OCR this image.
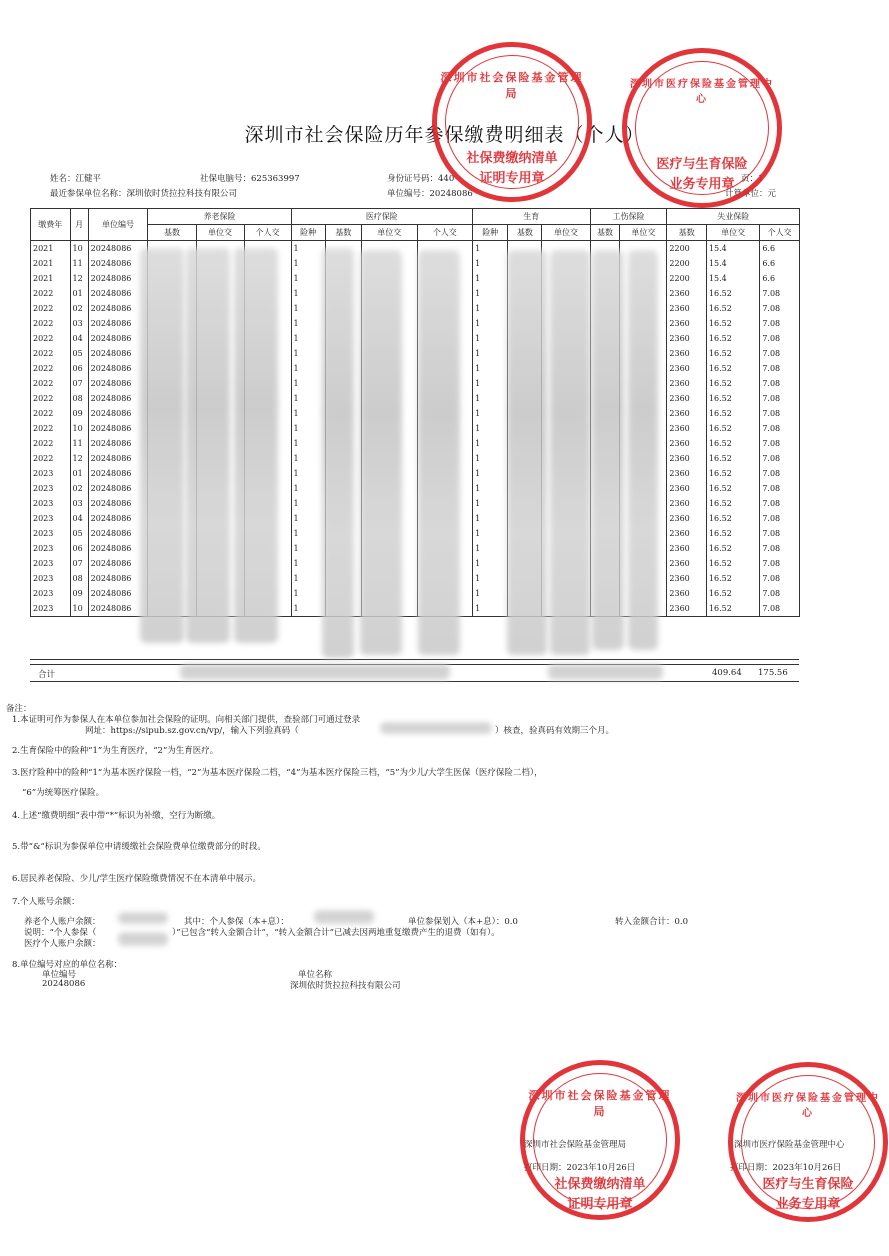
深圳市社会保险历年参保缴费明细表（个人）
姓名：江健平	社保电脑号：625363997	身份证号码：440	页：1
最近参保单位名称：深圳依时货拉拉科技有限公司	单位编号：20248086	计算单位：元
缴费年	月	单位编号	养老保险			医疗保险				生育			工伤保险		失业保险		
			基数	单位交	个人交	险种	基数	单位交	个人交	险种	基数	单位交	基数	单位交	基数	单位交	个人交
2021	10	20248086				1				1					2200	15.4	6.6
2021	11	20248086				1				1					2200	15.4	6.6
2021	12	20248086				1				1					2200	15.4	6.6
2022	01	20248086				1				1					2360	16.52	7.08
2022	02	20248086				1				1					2360	16.52	7.08
2022	03	20248086				1				1					2360	16.52	7.08
2022	04	20248086				1				1					2360	16.52	7.08
2022	05	20248086				1				1					2360	16.52	7.08
2022	06	20248086				1				1					2360	16.52	7.08
2022	07	20248086				1				1					2360	16.52	7.08
2022	08	20248086				1				1					2360	16.52	7.08
2022	09	20248086				1				1					2360	16.52	7.08
2022	10	20248086				1				1					2360	16.52	7.08
2022	11	20248086				1				1					2360	16.52	7.08
2022	12	20248086				1				1					2360	16.52	7.08
2023	01	20248086				1				1					2360	16.52	7.08
2023	02	20248086				1				1					2360	16.52	7.08
2023	03	20248086				1				1					2360	16.52	7.08
2023	04	20248086				1				1					2360	16.52	7.08
2023	05	20248086				1				1					2360	16.52	7.08
2023	06	20248086				1				1					2360	16.52	7.08
2023	07	20248086				1				1					2360	16.52	7.08
2023	08	20248086				1				1					2360	16.52	7.08
2023	09	20248086				1				1					2360	16.52	7.08
2023	10	20248086				1				1					2360	16.52	7.08
合计	409.64 175.56
备注：
1.本证明可作为参保人在本单位参加社会保险的证明。向相关部门提供，查验部门可通过登录
网址：https://sipub.sz.gov.cn/vp/，输入下列验真码（	）核查，验真码有效期三个月。
2.生育保险中的险种“1”为生育医疗，“2”为生育医疗。
3.医疗险种中的险种“1”为基本医疗保险一档，“2”为基本医疗保险二档，“4”为基本医疗保险三档，“5”为少儿/大学生医保（医疗保险二档），
“6”为统筹医疗保险。
4.上述“缴费明细”表中带“*”标识为补缴，空行为断缴。
5.带“&”标识为参保单位申请缓缴社会保险费单位缴费部分的时段。
6.居民养老保险、少儿/学生医疗保险缴费情况不在本清单中展示。
7.个人账号余额：
养老个人账户余额：	其中：个人参保（本+息）：	单位参保划入（本+息）：0.0	转入金额合计：0.0
说明：“个人参保（	）”已包含“转入金额合计”，“转入金额合计”已减去因两地重复缴费产生的退费（如有）。
医疗个人账户余额：
8.单位编号对应的单位名称：
单位编号	单位名称
20248086	深圳依时货拉拉科技有限公司
深圳市社会保险基金管理局
打印日期：2023年10月26日
深圳市医疗保险基金管理中心
打印日期：2023年10月26日
深圳市社会保险基金管理局
社保费缴纳清单
证明专用章
深圳市医疗保险基金管理中心
医疗与生育保险
业务专用章
深圳市社会保险基金管理局
社保费缴纳清单
证明专用章
深圳市医疗保险基金管理中心
医疗与生育保险
业务专用章
